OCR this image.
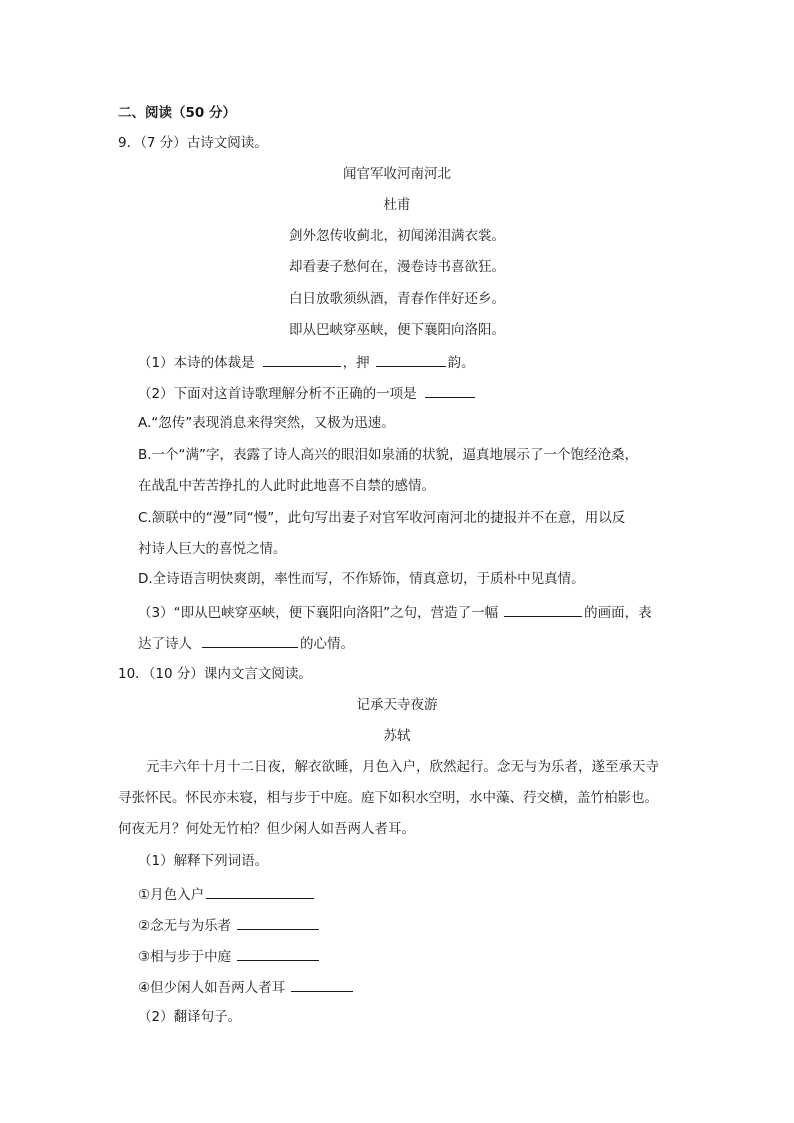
二、阅读（50 分）
9．（7 分）古诗文阅读。
闻官军收河南河北
杜甫
剑外忽传收蓟北，初闻涕泪满衣裳。
却看妻子愁何在，漫卷诗书喜欲狂。
白日放歌须纵酒，青春作伴好还乡。
即从巴峡穿巫峡，便下襄阳向洛阳。
（1）本诗的体裁是	，押	韵。
（2）下面对这首诗歌理解分析不正确的一项是
A.“忽传”表现消息来得突然，又极为迅速。
B.一个“满”字，表露了诗人高兴的眼泪如泉涌的状貌，逼真地展示了一个饱经沧桑，
在战乱中苦苦挣扎的人此时此地喜不自禁的感情。
C.颔联中的“漫”同“慢”，此句写出妻子对官军收河南河北的捷报并不在意，用以反
衬诗人巨大的喜悦之情。
D.全诗语言明快爽朗，率性而写，不作矫饰，情真意切，于质朴中见真情。
（3）“即从巴峡穿巫峡，便下襄阳向洛阳”之句，营造了一幅	的画面，表
达了诗人	的心情。
10．（10 分）课内文言文阅读。
记承天寺夜游
苏轼
元丰六年十月十二日夜，解衣欲睡，月色入户，欣然起行。念无与为乐者，遂至承天寺
寻张怀民。怀民亦未寝，相与步于中庭。庭下如积水空明，水中藻、荇交横，盖竹柏影也。
何夜无月？何处无竹柏？但少闲人如吾两人者耳。
（1）解释下列词语。
①月色入户
②念无与为乐者
③相与步于中庭
④但少闲人如吾两人者耳
（2）翻译句子。
